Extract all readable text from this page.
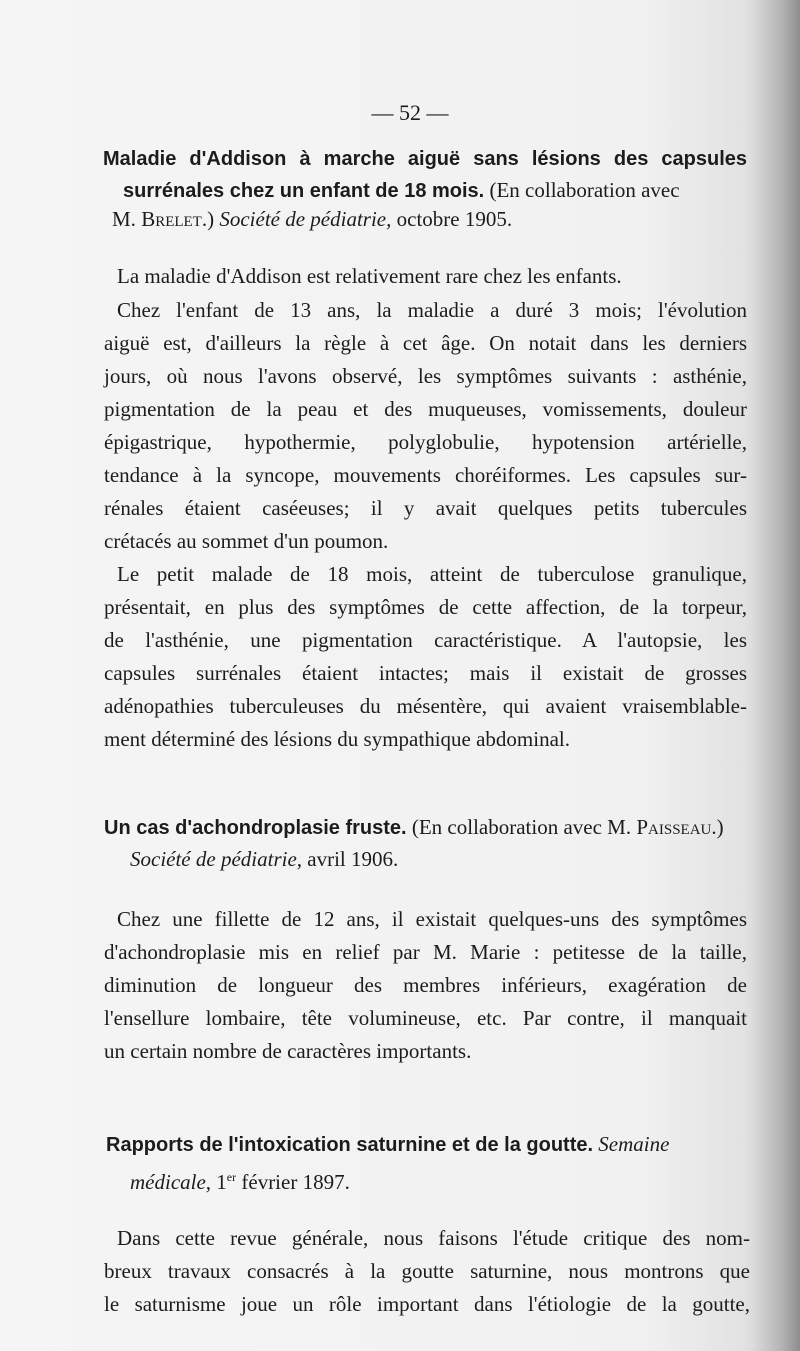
— 52 —
Maladie d'Addison à marche aiguë sans lésions des capsules
surrénales chez un enfant de 18 mois. (En collaboration avec
M. Brelet.) Société de pédiatrie, octobre 1905.
La maladie d'Addison est relativement rare chez les enfants.
Chez l'enfant de 13 ans, la maladie a duré 3 mois; l'évolution
aiguë est, d'ailleurs la règle à cet âge. On notait dans les derniers
jours, où nous l'avons observé, les symptômes suivants : asthénie,
pigmentation de la peau et des muqueuses, vomissements, douleur
épigastrique, hypothermie, polyglobulie, hypotension artérielle,
tendance à la syncope, mouvements choréiformes. Les capsules sur-
rénales étaient caséeuses; il y avait quelques petits tubercules
crétacés au sommet d'un poumon.
Le petit malade de 18 mois, atteint de tuberculose granulique,
présentait, en plus des symptômes de cette affection, de la torpeur,
de l'asthénie, une pigmentation caractéristique. A l'autopsie, les
capsules surrénales étaient intactes; mais il existait de grosses
adénopathies tuberculeuses du mésentère, qui avaient vraisemblable-
ment déterminé des lésions du sympathique abdominal.
Un cas d'achondroplasie fruste. (En collaboration avec M. Paisseau.)
Société de pédiatrie, avril 1906.
Chez une fillette de 12 ans, il existait quelques-uns des symptômes
d'achondroplasie mis en relief par M. Marie : petitesse de la taille,
diminution de longueur des membres inférieurs, exagération de
l'ensellure lombaire, tête volumineuse, etc. Par contre, il manquait
un certain nombre de caractères importants.
Rapports de l'intoxication saturnine et de la goutte. Semaine
médicale, 1er février 1897.
Dans cette revue générale, nous faisons l'étude critique des nom-
breux travaux consacrés à la goutte saturnine, nous montrons que
le saturnisme joue un rôle important dans l'étiologie de la goutte,
